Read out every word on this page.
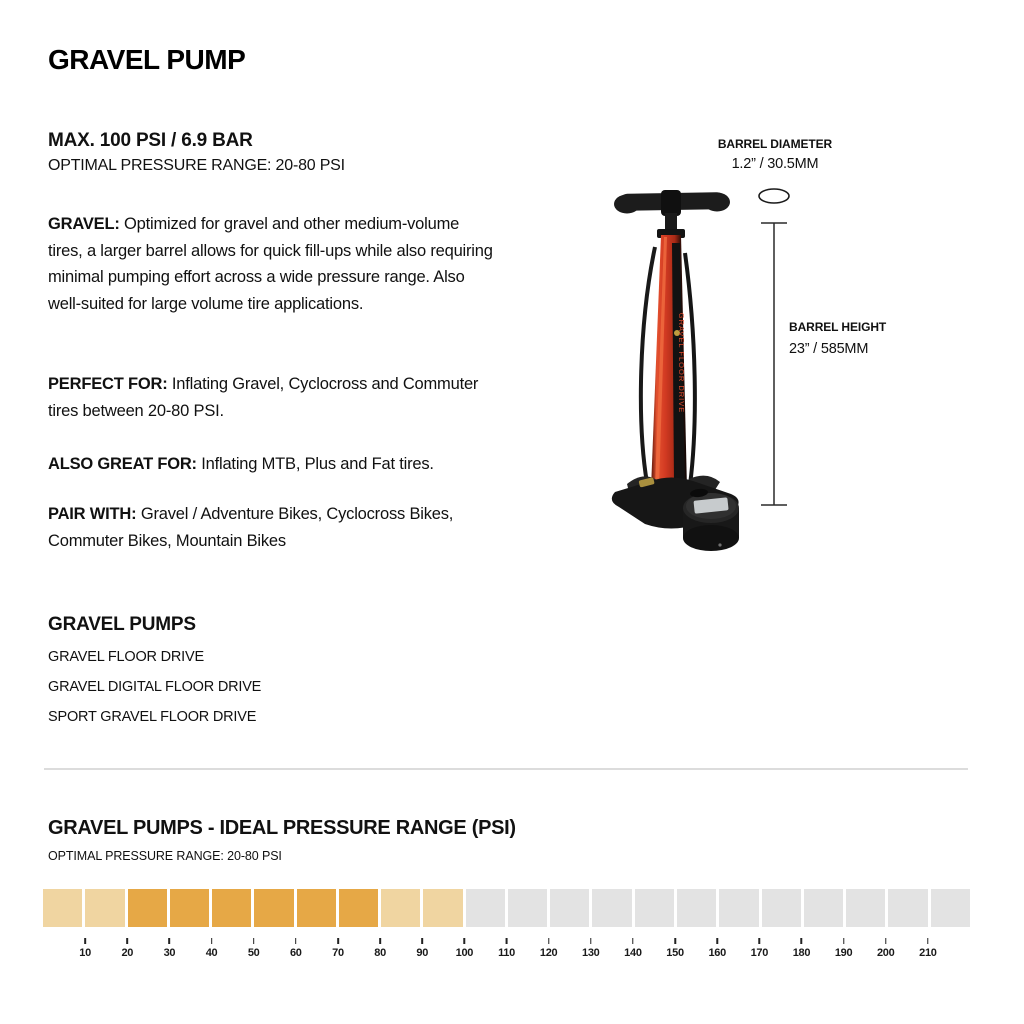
GRAVEL PUMP
MAX. 100 PSI / 6.9 BAR
OPTIMAL PRESSURE RANGE: 20-80 PSI

GRAVEL: Optimized for gravel and other medium-volume tires, a larger barrel allows for quick fill-ups while also requiring minimal pumping effort across a wide pressure range. Also well-suited for large volume tire applications.

PERFECT FOR: Inflating Gravel, Cyclocross and Commuter tires between 20-80 PSI.

ALSO GREAT FOR: Inflating MTB, Plus and Fat tires.

PAIR WITH: Gravel / Adventure Bikes, Cyclocross Bikes, Commuter Bikes, Mountain Bikes

GRAVEL PUMPS
GRAVEL FLOOR DRIVE
GRAVEL DIGITAL FLOOR DRIVE
SPORT GRAVEL FLOOR DRIVE
BARREL DIAMETER
1.2” / 30.5MM
BARREL HEIGHT
23” / 585MM
GRAVEL FLOOR DRIVE
GRAVEL PUMPS - IDEAL PRESSURE RANGE (PSI)
OPTIMAL PRESSURE RANGE: 20-80 PSI
10	20	30	40	50	60	70	80	90	100 110 120 130 140 150 160 170 180 190 200 210
